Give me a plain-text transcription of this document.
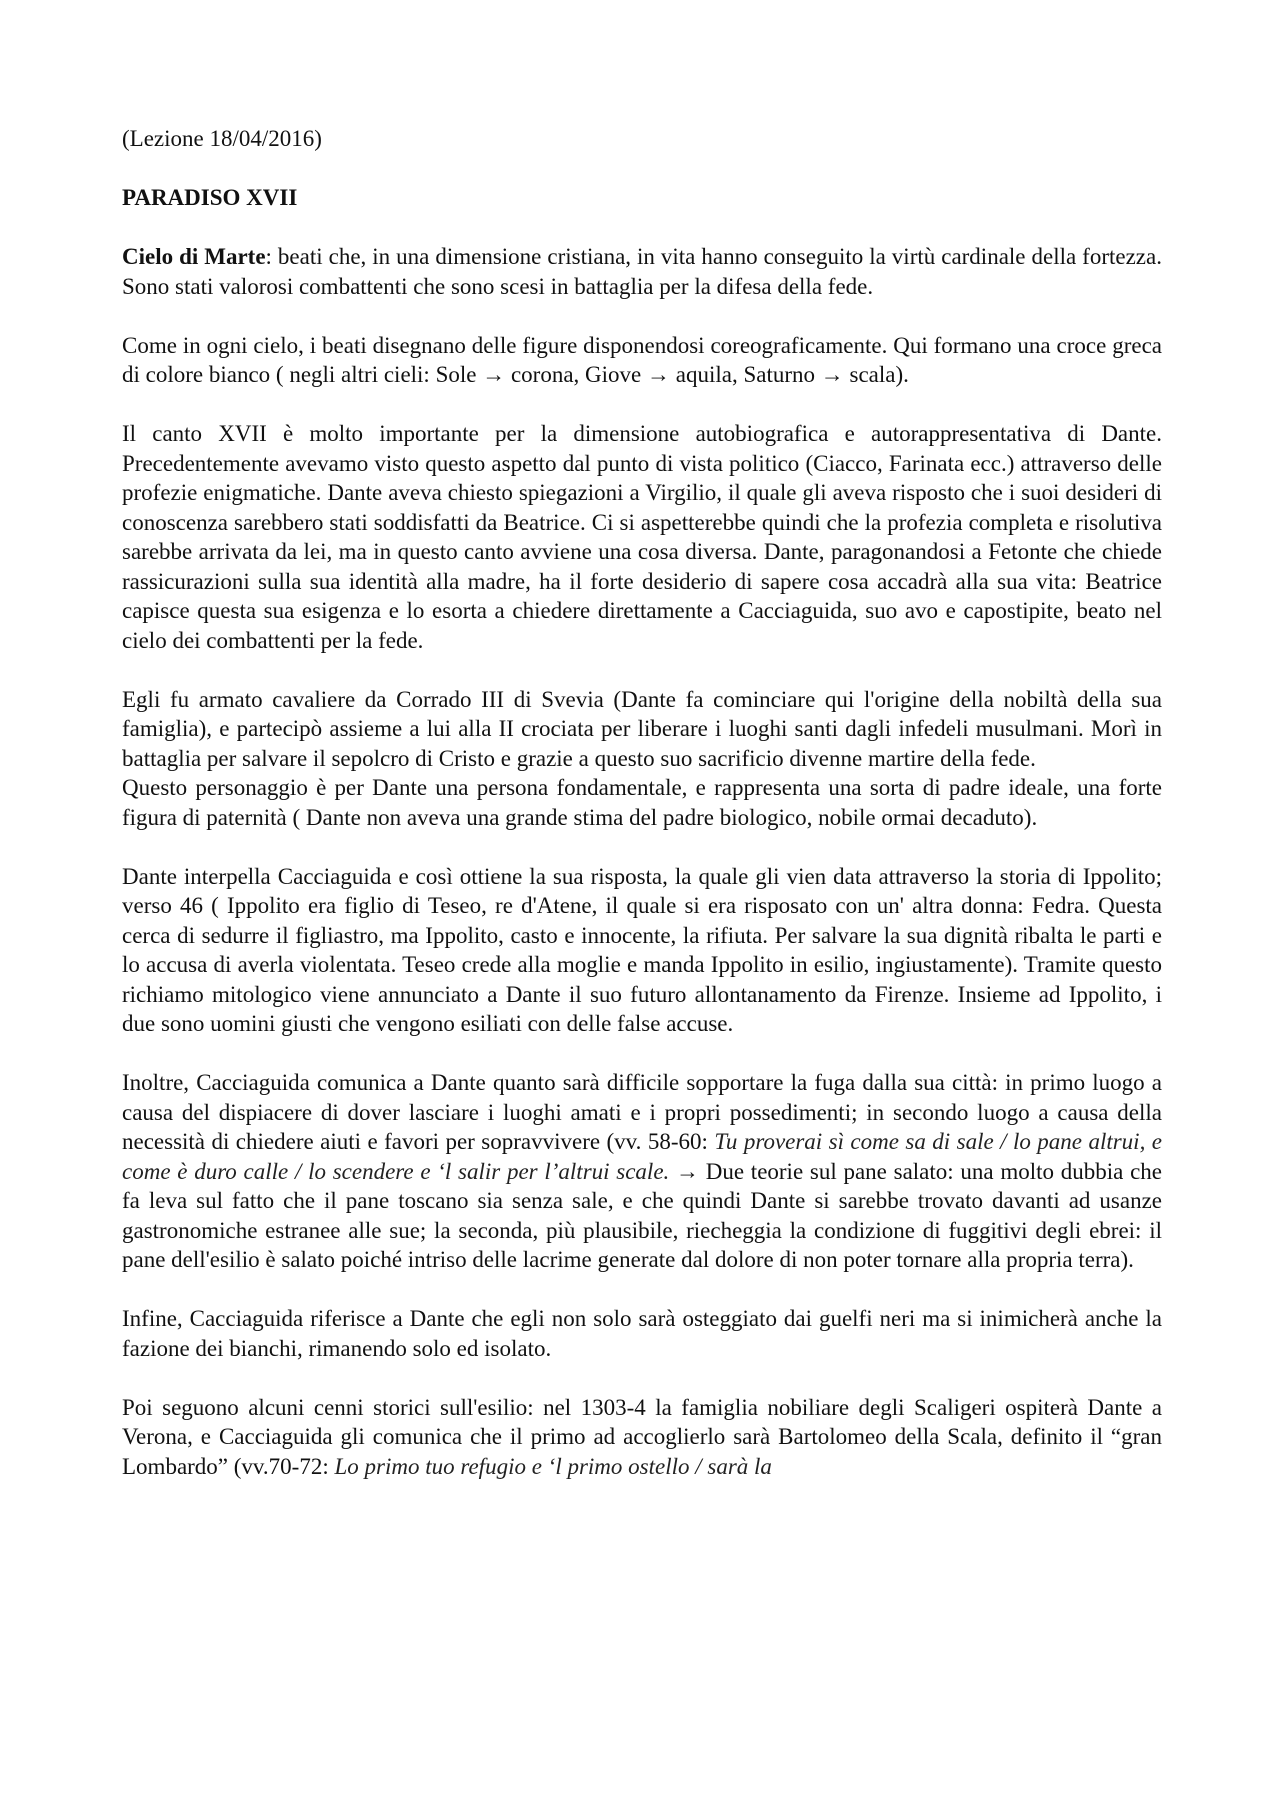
(Lezione 18/04/2016)

PARADISO XVII

Cielo di Marte: beati che, in una dimensione cristiana, in vita hanno conseguito la virtù cardinale della fortezza. Sono stati valorosi combattenti che sono scesi in battaglia per la difesa della fede.

Come in ogni cielo, i beati disegnano delle figure disponendosi coreograficamente. Qui formano una croce greca di colore bianco ( negli altri cieli: Sole → corona, Giove → aquila, Saturno → scala).

Il canto XVII è molto importante per la dimensione autobiografica e autorappresentativa di Dante. Precedentemente avevamo visto questo aspetto dal punto di vista politico (Ciacco, Farinata ecc.) attraverso delle profezie enigmatiche. Dante aveva chiesto spiegazioni a Virgilio, il quale gli aveva risposto che i suoi desideri di conoscenza sarebbero stati soddisfatti da Beatrice. Ci si aspetterebbe quindi che la profezia completa e risolutiva sarebbe arrivata da lei, ma in questo canto avviene una cosa diversa. Dante, paragonandosi a Fetonte che chiede rassicurazioni sulla sua identità alla madre, ha il forte desiderio di sapere cosa accadrà alla sua vita: Beatrice capisce questa sua esigenza e lo esorta a chiedere direttamente a Cacciaguida, suo avo e capostipite, beato nel cielo dei combattenti per la fede.

Egli fu armato cavaliere da Corrado III di Svevia (Dante fa cominciare qui l'origine della nobiltà della sua famiglia), e partecipò assieme a lui alla II crociata per liberare i luoghi santi dagli infedeli musulmani. Morì in battaglia per salvare il sepolcro di Cristo e grazie a questo suo sacrificio divenne martire della fede.

Questo personaggio è per Dante una persona fondamentale, e rappresenta una sorta di padre ideale, una forte figura di paternità ( Dante non aveva una grande stima del padre biologico, nobile ormai decaduto).

Dante interpella Cacciaguida e così ottiene la sua risposta, la quale gli vien data attraverso la storia di Ippolito; verso 46 ( Ippolito era figlio di Teseo, re d'Atene, il quale si era risposato con un' altra donna: Fedra. Questa cerca di sedurre il figliastro, ma Ippolito, casto e innocente, la rifiuta. Per salvare la sua dignità ribalta le parti e lo accusa di averla violentata. Teseo crede alla moglie e manda Ippolito in esilio, ingiustamente). Tramite questo richiamo mitologico viene annunciato a Dante il suo futuro allontanamento da Firenze. Insieme ad Ippolito, i due sono uomini giusti che vengono esiliati con delle false accuse.

Inoltre, Cacciaguida comunica a Dante quanto sarà difficile sopportare la fuga dalla sua città: in primo luogo a causa del dispiacere di dover lasciare i luoghi amati e i propri possedimenti; in secondo luogo a causa della necessità di chiedere aiuti e favori per sopravvivere (vv. 58-60: Tu proverai sì come sa di sale / lo pane altrui, e come è duro calle / lo scendere e ‘l salir per l’altrui scale. → Due teorie sul pane salato: una molto dubbia che fa leva sul fatto che il pane toscano sia senza sale, e che quindi Dante si sarebbe trovato davanti ad usanze gastronomiche estranee alle sue; la seconda, più plausibile, riecheggia la condizione di fuggitivi degli ebrei: il pane dell'esilio è salato poiché intriso delle lacrime generate dal dolore di non poter tornare alla propria terra).

Infine, Cacciaguida riferisce a Dante che egli non solo sarà osteggiato dai guelfi neri ma si inimicherà anche la fazione dei bianchi, rimanendo solo ed isolato.

Poi seguono alcuni cenni storici sull'esilio: nel 1303-4 la famiglia nobiliare degli Scaligeri ospiterà Dante a Verona, e Cacciaguida gli comunica che il primo ad accoglierlo sarà Bartolomeo della Scala, definito il “gran Lombardo” (vv.70-72: Lo primo tuo refugio e ‘l primo ostello / sarà la
